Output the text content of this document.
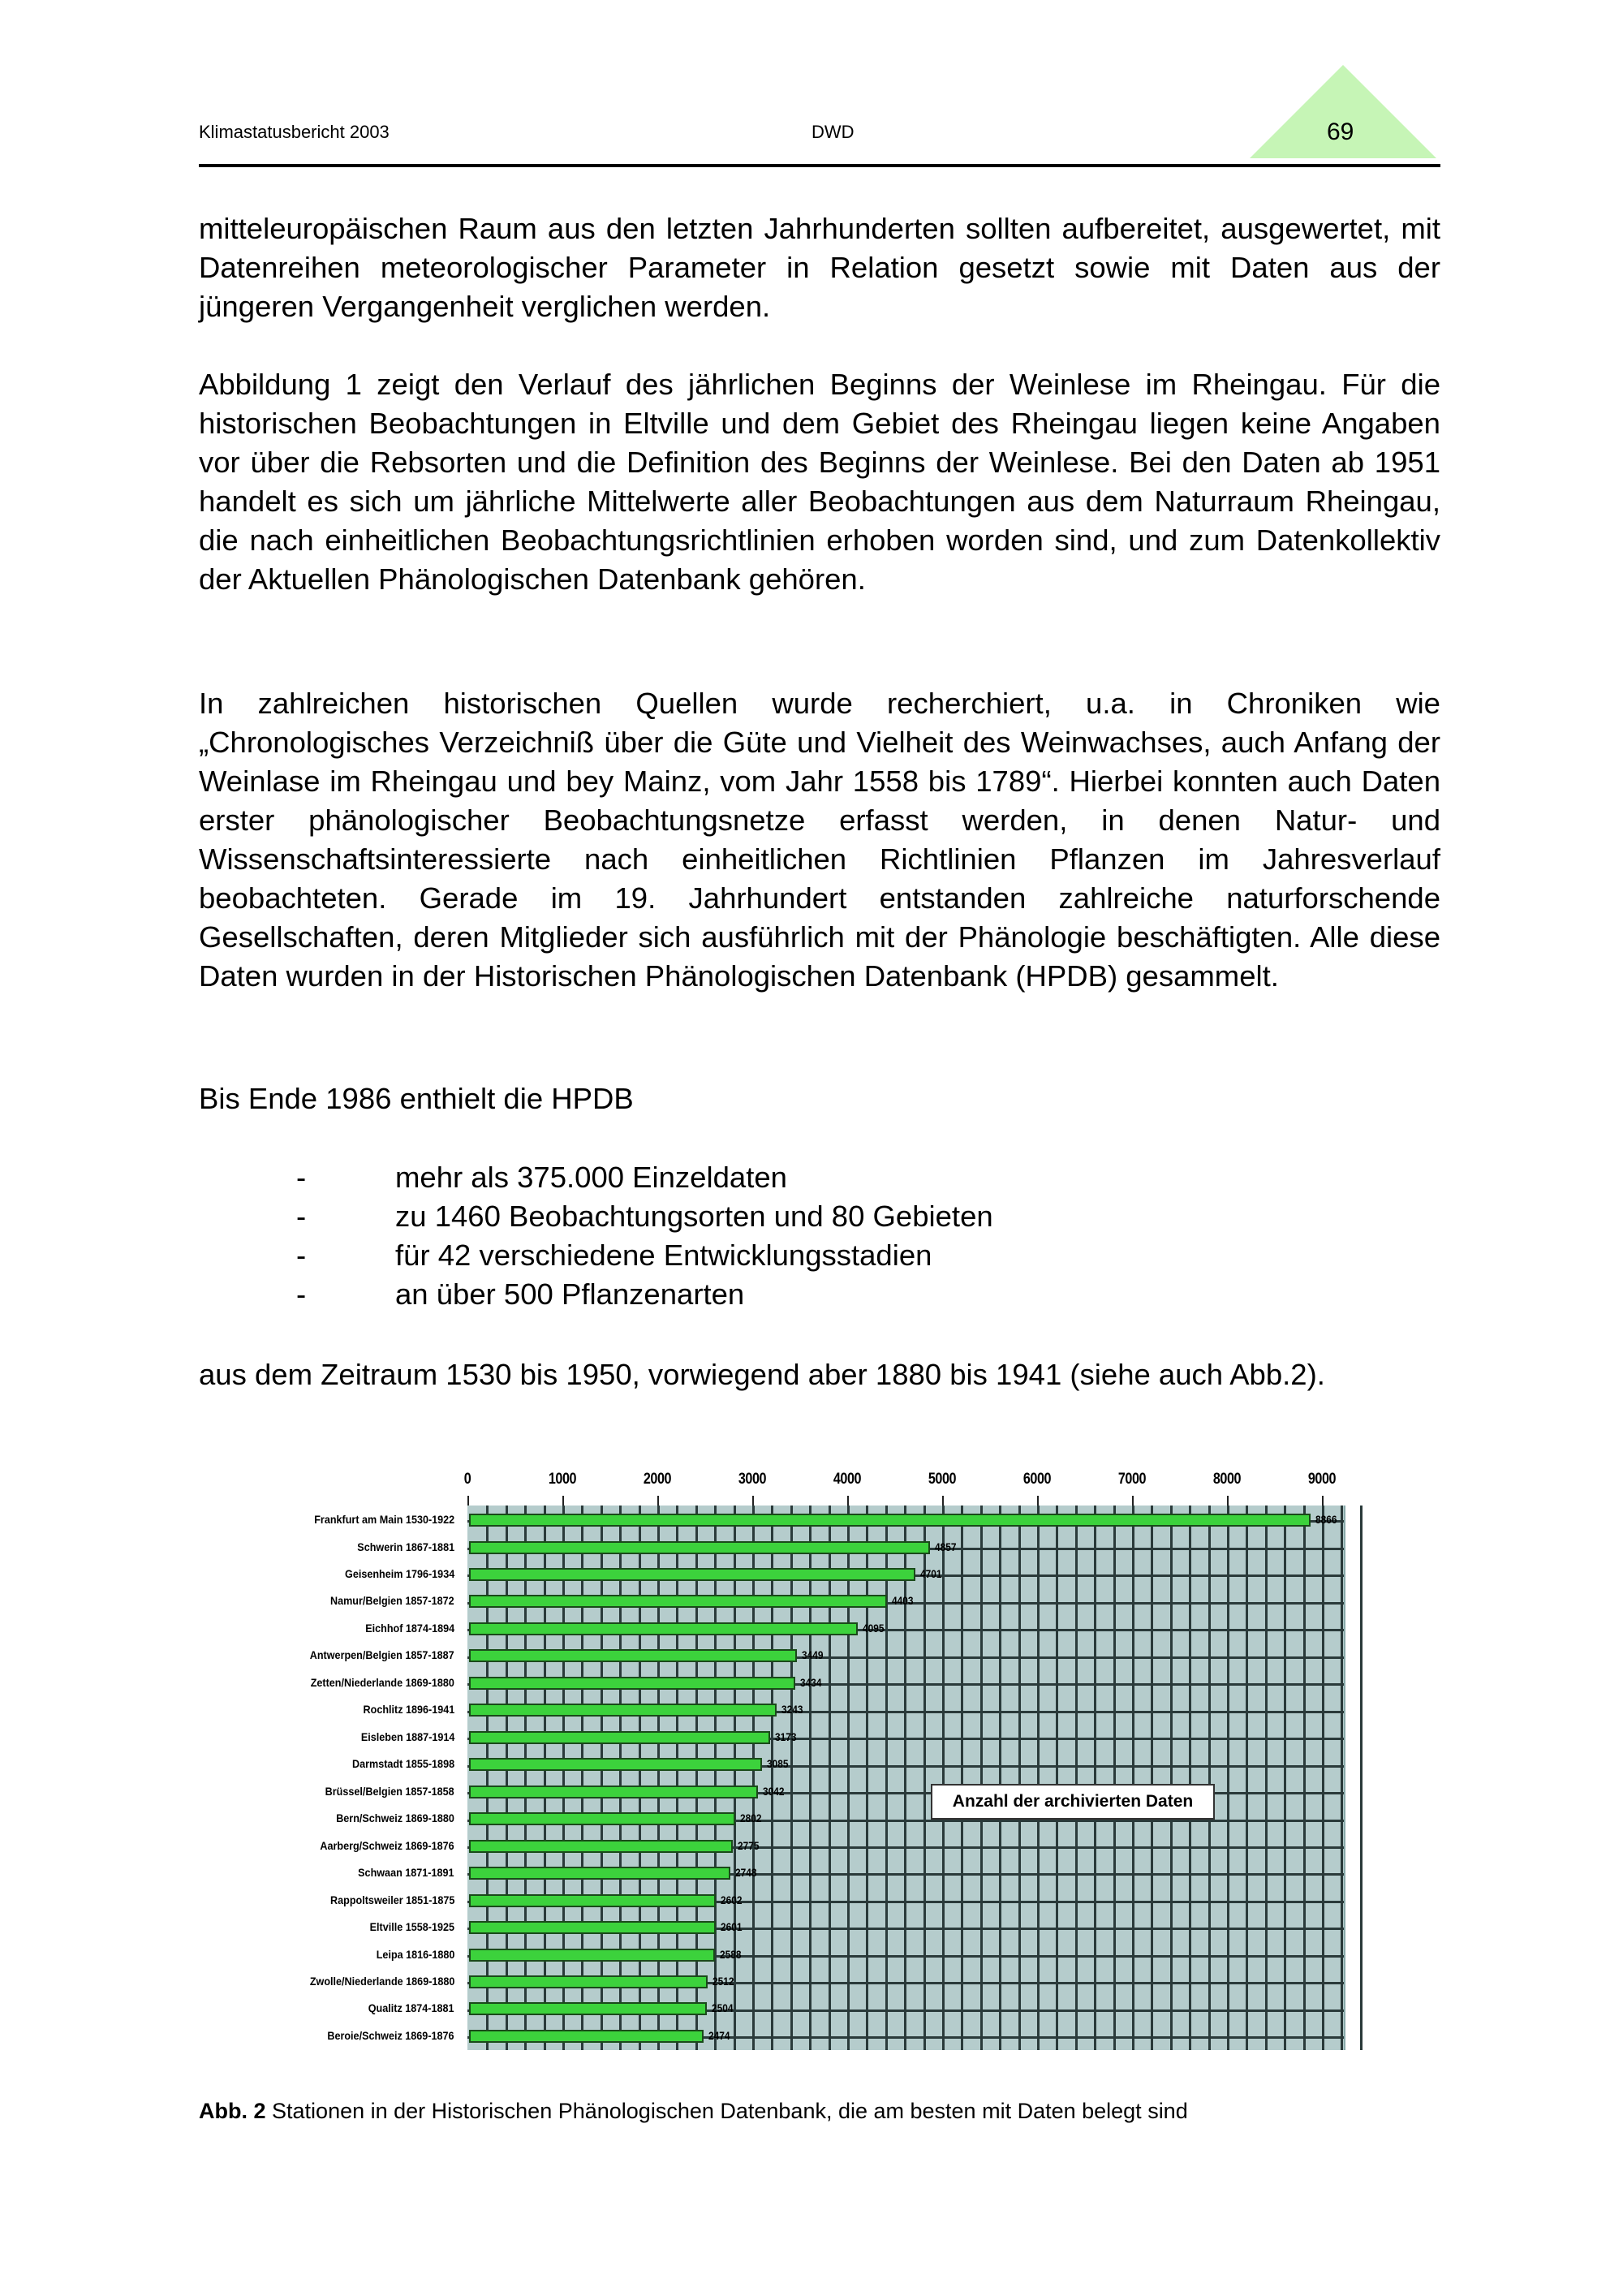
Klimastatusbericht 2003	DWD	69

mitteleuropäischen Raum aus den letzten Jahrhunderten sollten aufbereitet, ausgewertet, mit Datenreihen meteorologischer Parameter in Relation gesetzt sowie mit Daten aus der jüngeren Vergangenheit verglichen werden.

Abbildung 1 zeigt den Verlauf des jährlichen Beginns der Weinlese im Rheingau. Für die historischen Beobachtungen in Eltville und dem Gebiet des Rheingau liegen keine Angaben vor über die Rebsorten und die Definition des Beginns der Weinlese. Bei den Daten ab 1951 handelt es sich um jährliche Mittelwerte aller Beobachtungen aus dem Naturraum Rheingau, die nach einheitlichen Beobachtungsrichtlinien erhoben worden sind, und zum Datenkollektiv der Aktuellen Phänologischen Datenbank gehören.

In zahlreichen historischen Quellen wurde recherchiert, u.a. in Chroniken wie „Chronologisches Verzeichniß über die Güte und Vielheit des Weinwachses, auch Anfang der Weinlase im Rheingau und bey Mainz, vom Jahr 1558 bis 1789“. Hierbei konnten auch Daten erster phänologischer Beobachtungsnetze erfasst werden, in denen Natur- und Wissenschaftsinteressierte nach einheitlichen Richtlinien Pflanzen im Jahresverlauf beobachteten. Gerade im 19. Jahrhundert entstanden zahlreiche naturforschende Gesellschaften, deren Mitglieder sich ausführlich mit der Phänologie beschäftigten. Alle diese Daten wurden in der Historischen Phänologischen Datenbank (HPDB) gesammelt.

Bis Ende 1986 enthielt die HPDB

-	mehr als 375.000 Einzeldaten
-	zu 1460 Beobachtungsorten und 80 Gebieten
-	für 42 verschiedene Entwicklungsstadien
-	an über 500 Pflanzenarten

aus dem Zeitraum 1530 bis 1950, vorwiegend aber 1880 bis 1941 (siehe auch Abb.2).

0	1000	2000	3000	4000	5000	6000	7000	8000	9000
Frankfurt am Main 1530-1922
Schwerin 1867-1881
Geisenheim 1796-1934
Namur/Belgien 1857-1872
Eichhof 1874-1894
Antwerpen/Belgien 1857-1887
Zetten/Niederlande 1869-1880
Rochlitz 1896-1941
Eisleben 1887-1914
Darmstadt 1855-1898
Brüssel/Belgien 1857-1858
Bern/Schweiz 1869-1880
Aarberg/Schweiz 1869-1876
Schwaan 1871-1891
Rappoltsweiler 1851-1875
Eltville 1558-1925
Leipa 1816-1880
Zwolle/Niederlande 1869-1880
Qualitz 1874-1881
Beroie/Schweiz 1869-1876
Anzahl der archivierten Daten
8866
4857
4701
4403
4095
3449
3434
3243
3173
3085
3042
2802
2775
2748
2602
2601
2588
2512
2504
2474
Abb. 2 Stationen in der Historischen Phänologischen Datenbank, die am besten mit Daten belegt sind
